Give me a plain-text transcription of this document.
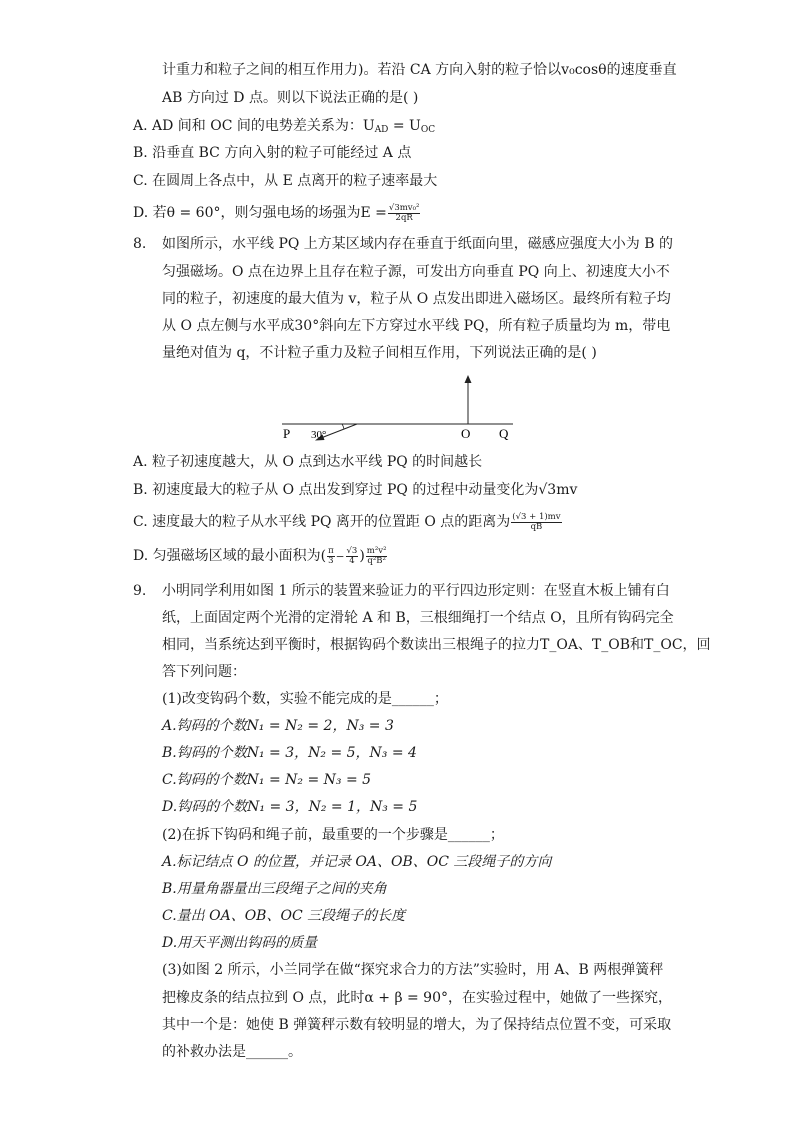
计重力和粒子之间的相互作用力)。若沿 CA 方向入射的粒子恰以v₀cosθ的速度垂直
AB 方向过 D 点。则以下说法正确的是( )
A. AD 间和 OC 间的电势差关系为：$U_{AD} = U_{OC}$
B. 沿垂直 BC 方向入射的粒子可能经过 A 点
C. 在圆周上各点中，从 E 点离开的粒子速率最大
D. 若θ = 60°，则匀强电场的场强为$E = \frac{\text{√3mv₀²}}{2qR}$
8. 如图所示，水平线 PQ 上方某区域内存在垂直于纸面向里，磁感应强度大小为 B 的
匀强磁场。O 点在边界上且存在粒子源，可发出方向垂直 PQ 向上、初速度大小不
同的粒子，初速度的最大值为 v，粒子从 O 点发出即进入磁场区。最终所有粒子均
从 O 点左侧与水平成30°斜向左下方穿过水平线 PQ，所有粒子质量均为 m，带电
量绝对值为 q，不计粒子重力及粒子间相互作用，下列说法正确的是( )
P 30°	O Q
A. 粒子初速度越大，从 O 点到达水平线 PQ 的时间越长
B. 初速度最大的粒子从 O 点出发到穿过 PQ 的过程中动量变化为√3mv
C. 速度最大的粒子从水平线 PQ 离开的位置距 O 点的距离为 $\frac{(√3 + 1)mv}{qB}$
D. 匀强磁场区域的最小面积为( $\frac{\pi}{3} - \frac{√3}{4}$ ) $\frac{\text{m²v²}}{\text{q²B²}}$
9. 小明同学利用如图 1 所示的装置来验证力的平行四边形定则：在竖直木板上铺有白
纸，上面固定两个光滑的定滑轮 A 和 B，三根细绳打一个结点 O，且所有钩码完全
相同，当系统达到平衡时，根据钩码个数读出三根绳子的拉力T_OA、T_OB和T_OC，回
答下列问题：
(1)改变钩码个数，实验不能完成的是______；
A.钩码的个数N₁ = N₂ = 2，N₃ = 3
B.钩码的个数N₁ = 3，N₂ = 5，N₃ = 4
C.钩码的个数N₁ = N₂ = N₃ = 5
D.钩码的个数N₁ = 3，N₂ = 1，N₃ = 5
(2)在拆下钩码和绳子前，最重要的一个步骤是______；
A.标记结点 O 的位置，并记录 OA、OB、OC 三段绳子的方向
B.用量角器量出三段绳子之间的夹角
C.量出 OA、OB、OC 三段绳子的长度
D.用天平测出钩码的质量
(3)如图 2 所示，小兰同学在做“探究求合力的方法”实验时，用 A、B 两根弹簧秤
把橡皮条的结点拉到 O 点，此时α + β = 90°，在实验过程中，她做了一些探究，
其中一个是：她使 B 弹簧秤示数有较明显的增大，为了保持结点位置不变，可采取
的补救办法是______。
